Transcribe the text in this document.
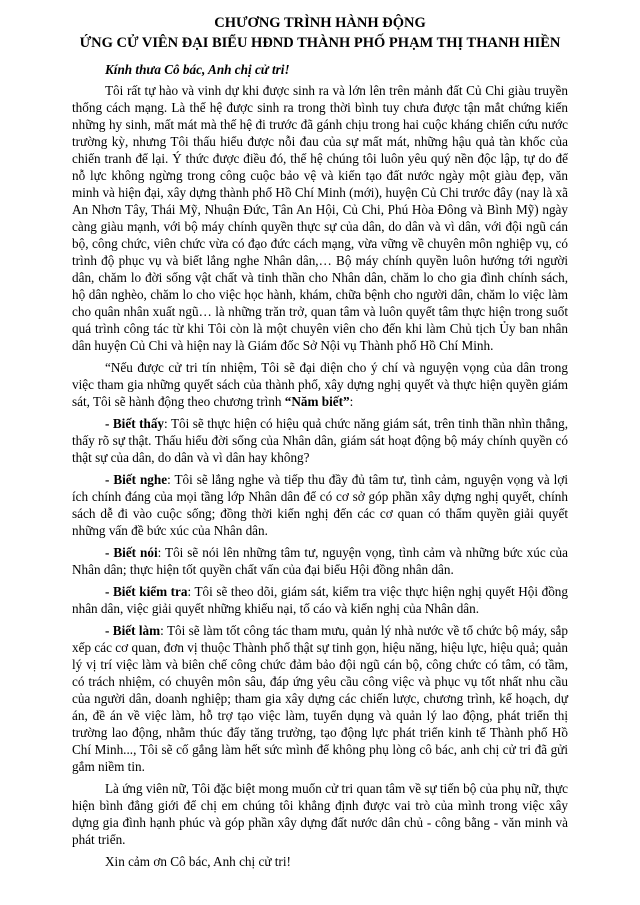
CHƯƠNG TRÌNH HÀNH ĐỘNG
ỨNG CỬ VIÊN ĐẠI BIỂU HĐND THÀNH PHỐ PHẠM THỊ THANH HIỀN

Kính thưa Cô bác, Anh chị cử tri!

Tôi rất tự hào và vinh dự khi được sinh ra và lớn lên trên mảnh đất Củ Chi giàu truyền thống cách mạng. Là thế hệ được sinh ra trong thời bình tuy chưa được tận mắt chứng kiến những hy sinh, mất mát mà thế hệ đi trước đã gánh chịu trong hai cuộc kháng chiến cứu nước trường kỳ, nhưng Tôi thấu hiểu được nỗi đau của sự mất mát, những hậu quả tàn khốc của chiến tranh để lại. Ý thức được điều đó, thế hệ chúng tôi luôn yêu quý nền độc lập, tự do để nỗ lực không ngừng trong công cuộc bảo vệ và kiến tạo đất nước ngày một giàu đẹp, văn minh và hiện đại, xây dựng thành phố Hồ Chí Minh (mới), huyện Củ Chi trước đây (nay là xã An Nhơn Tây, Thái Mỹ, Nhuận Đức, Tân An Hội, Củ Chi, Phú Hòa Đông và Bình Mỹ) ngày càng giàu mạnh, với bộ máy chính quyền thực sự của dân, do dân và vì dân, với đội ngũ cán bộ, công chức, viên chức vừa có đạo đức cách mạng, vừa vững về chuyên môn nghiệp vụ, có trình độ phục vụ và biết lắng nghe Nhân dân,… Bộ máy chính quyền luôn hướng tới người dân, chăm lo đời sống vật chất và tinh thần cho Nhân dân, chăm lo cho gia đình chính sách, hộ dân nghèo, chăm lo cho việc học hành, khám, chữa bệnh cho người dân, chăm lo việc làm cho quân nhân xuất ngũ… là những trăn trở, quan tâm và luôn quyết tâm thực hiện trong suốt quá trình công tác từ khi Tôi còn là một chuyên viên cho đến khi làm Chủ tịch Ủy ban nhân dân huyện Củ Chi và hiện nay là Giám đốc Sở Nội vụ Thành phố Hồ Chí Minh.

“Nếu được cử tri tín nhiệm, Tôi sẽ đại diện cho ý chí và nguyện vọng của dân trong việc tham gia những quyết sách của thành phố, xây dựng nghị quyết và thực hiện quyền giám sát, Tôi sẽ hành động theo chương trình “Năm biết”:

- Biết thấy: Tôi sẽ thực hiện có hiệu quả chức năng giám sát, trên tinh thần nhìn thẳng, thấy rõ sự thật. Thấu hiểu đời sống của Nhân dân, giám sát hoạt động bộ máy chính quyền có thật sự của dân, do dân và vì dân hay không?

- Biết nghe: Tôi sẽ lắng nghe và tiếp thu đầy đủ tâm tư, tình cảm, nguyện vọng và lợi ích chính đáng của mọi tầng lớp Nhân dân để có cơ sở góp phần xây dựng nghị quyết, chính sách dễ đi vào cuộc sống; đồng thời kiến nghị đến các cơ quan có thẩm quyền giải quyết những vấn đề bức xúc của Nhân dân.

- Biết nói: Tôi sẽ nói lên những tâm tư, nguyện vọng, tình cảm và những bức xúc của Nhân dân; thực hiện tốt quyền chất vấn của đại biểu Hội đồng nhân dân.

- Biết kiểm tra: Tôi sẽ theo dõi, giám sát, kiểm tra việc thực hiện nghị quyết Hội đồng nhân dân, việc giải quyết những khiếu nại, tố cáo và kiến nghị của Nhân dân.

- Biết làm: Tôi sẽ làm tốt công tác tham mưu, quản lý nhà nước về tổ chức bộ máy, sắp xếp các cơ quan, đơn vị thuộc Thành phố thật sự tinh gọn, hiệu năng, hiệu lực, hiệu quả; quản lý vị trí việc làm và biên chế công chức đảm bảo đội ngũ cán bộ, công chức có tâm, có tầm, có trách nhiệm, có chuyên môn sâu, đáp ứng yêu cầu công việc và phục vụ tốt nhất nhu cầu của người dân, doanh nghiệp; tham gia xây dựng các chiến lược, chương trình, kế hoạch, dự án, đề án về việc làm, hỗ trợ tạo việc làm, tuyển dụng và quản lý lao động, phát triển thị trường lao động, nhằm thúc đẩy tăng trưởng, tạo động lực phát triển kinh tế Thành phố Hồ Chí Minh..., Tôi sẽ cố gắng làm hết sức mình để không phụ lòng cô bác, anh chị cử tri đã gửi gắm niềm tin.

Là ứng viên nữ, Tôi đặc biệt mong muốn cử tri quan tâm về sự tiến bộ của phụ nữ, thực hiện bình đẳng giới để chị em chúng tôi khẳng định được vai trò của mình trong việc xây dựng gia đình hạnh phúc và góp phần xây dựng đất nước dân chủ - công bằng - văn minh và phát triển.

Xin cảm ơn Cô bác, Anh chị cử tri!
